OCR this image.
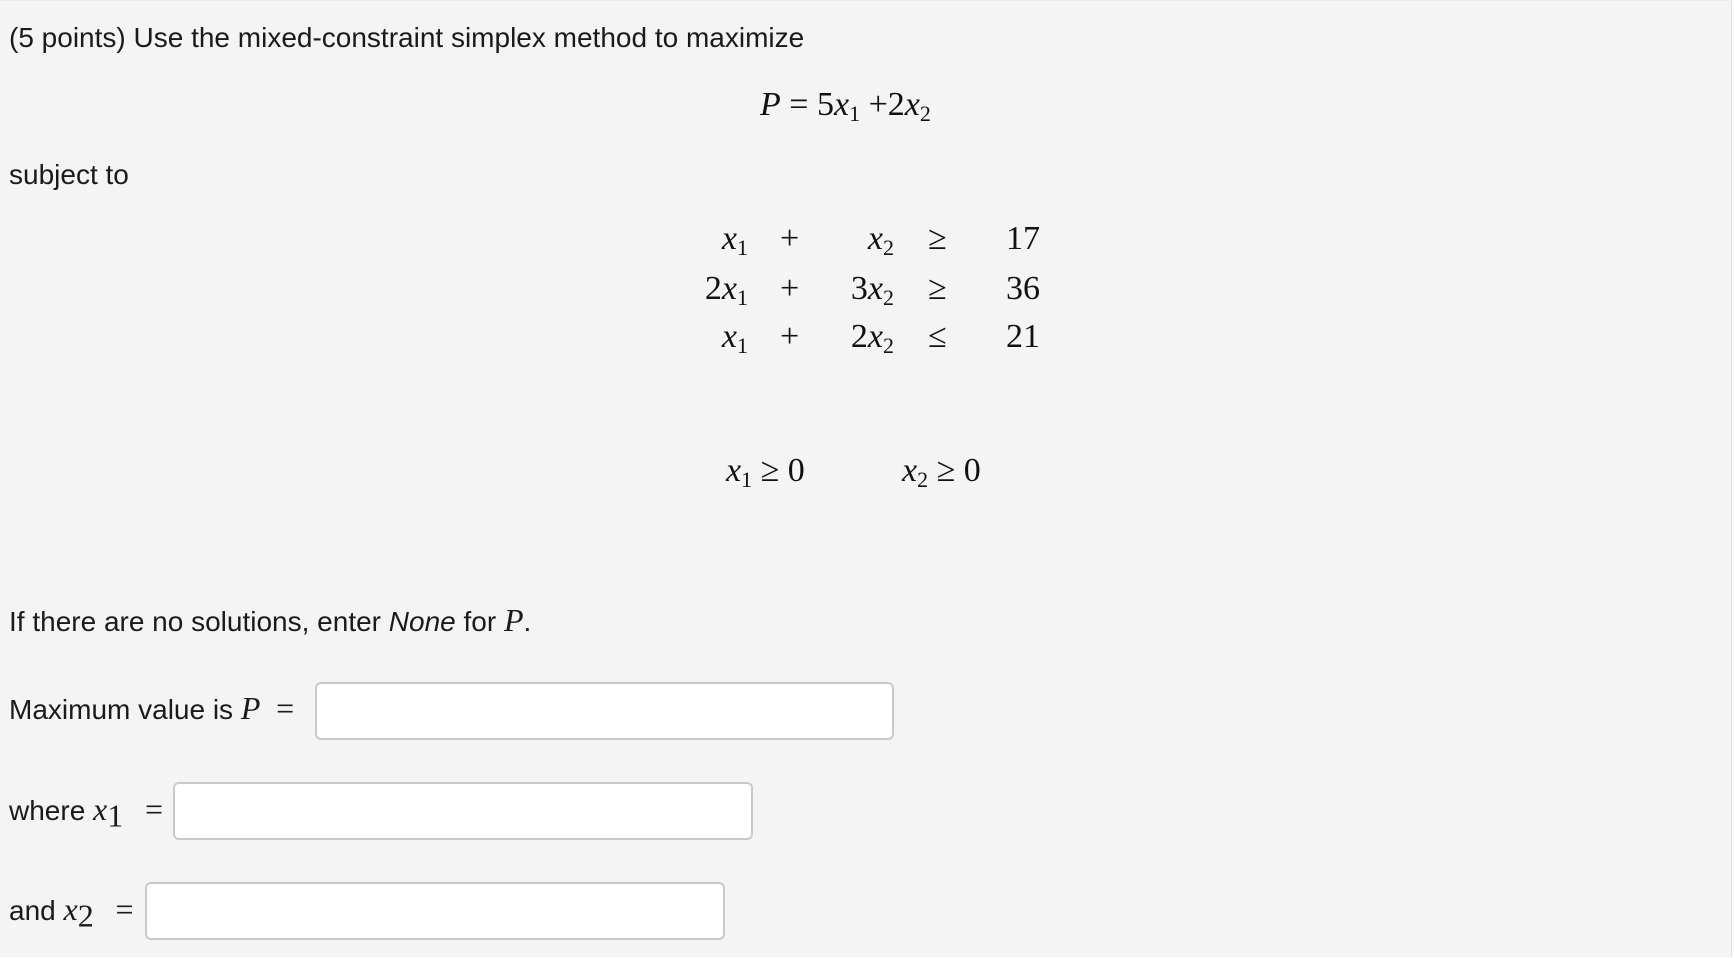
(5 points) Use the mixed-constraint simplex method to maximize
$P = 5x_1 +2x_2$
subject to
$x_1 + x_2 \ge 17$
$2x_1 + 3x_2 \ge 36$
$x_1 + 2x_2 \le 21$
$x_1 \ge 0$	$x_2 \ge 0$
If there are no solutions, enter None for P.
Maximum value is P =
where $x_1$ =
and $x_2$ =
